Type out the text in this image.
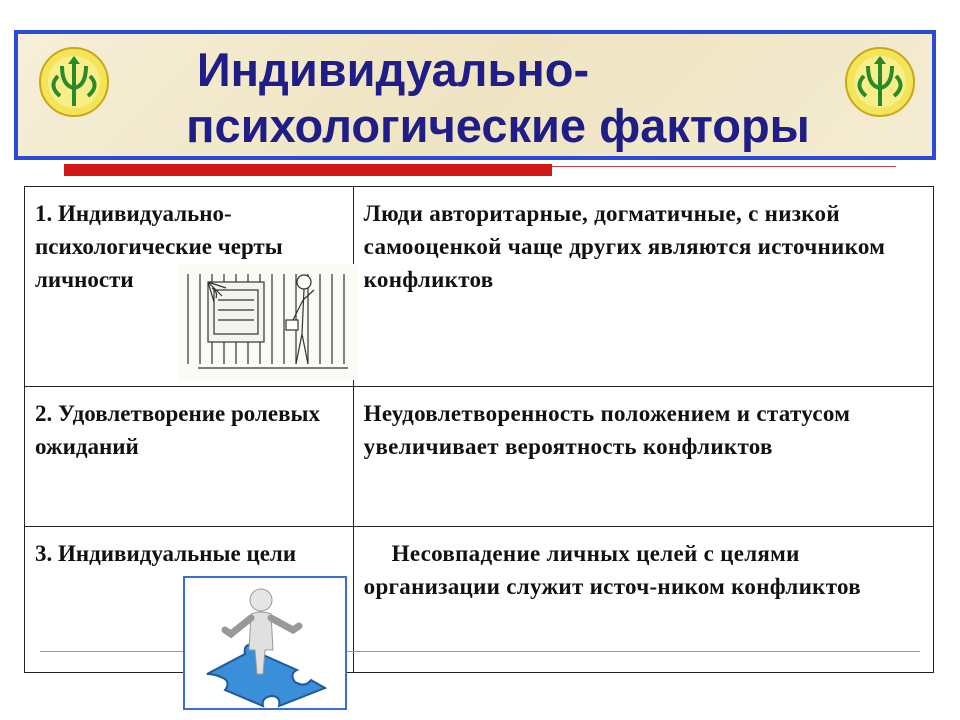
Индивидуально-
психологические факторы
1. Индивидуально-психологические черты личности	Люди авторитарные, догматичные, с низкой самооценкой чаще других являются источником конфликтов
2. Удовлетворение ролевых ожиданий	Неудовлетворенность положением и статусом увеличивает вероятность конфликтов
3. Индивидуальные цели	Несовпадение личных целей с целями организации служит источ-ником конфликтов
